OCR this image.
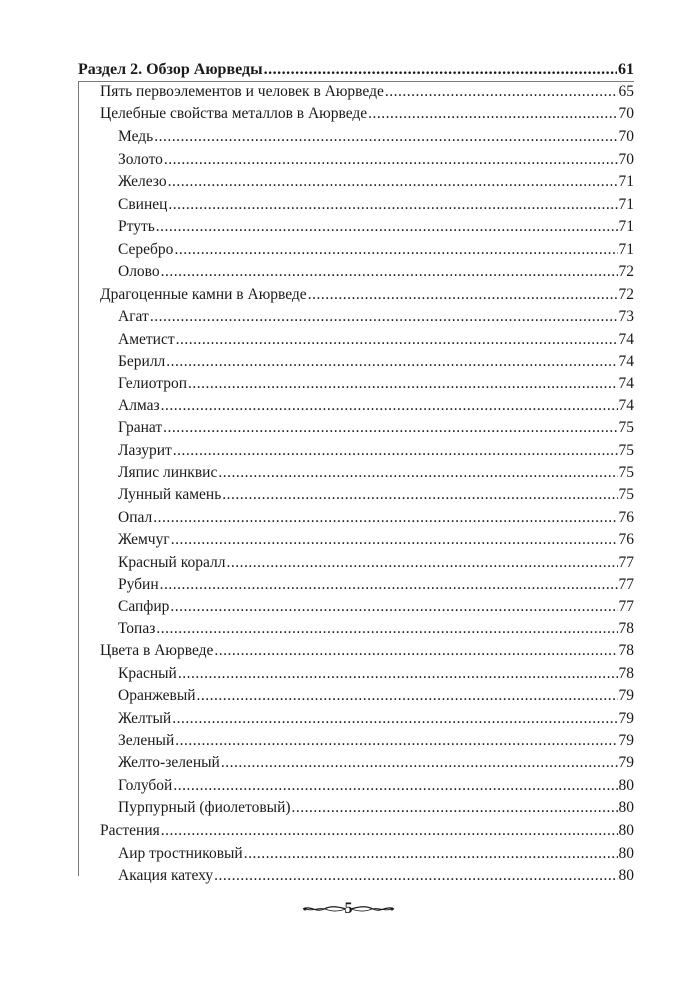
Раздел 2. Обзор Аюрведы .....	61
Пять первоэлементов и человек в Аюрведе .....	65
Целебные свойства металлов в Аюрведе .....	70
Медь .....	70
Золото .....	70
Железо .....	71
Свинец .....	71
Ртуть .....	71
Серебро .....	71
Олово .....	72
Драгоценные камни в Аюрведе .....	72
Агат .....	73
Аметист .....	74
Берилл .....	74
Гелиотроп .....	74
Алмаз .....	74
Гранат .....	75
Лазурит .....	75
Ляпис линквис .....	75
Лунный камень .....	75
Опал .....	76
Жемчуг .....	76
Красный коралл .....	77
Рубин .....	77
Сапфир .....	77
Топаз .....	78
Цвета в Аюрведе .....	78
Красный .....	78
Оранжевый .....	79
Желтый .....	79
Зеленый .....	79
Желто-зеленый .....	79
Голубой .....	80
Пурпурный (фиолетовый) .....	80
Растения .....	80
Аир тростниковый .....	80
Акация катеху .....	80
5
